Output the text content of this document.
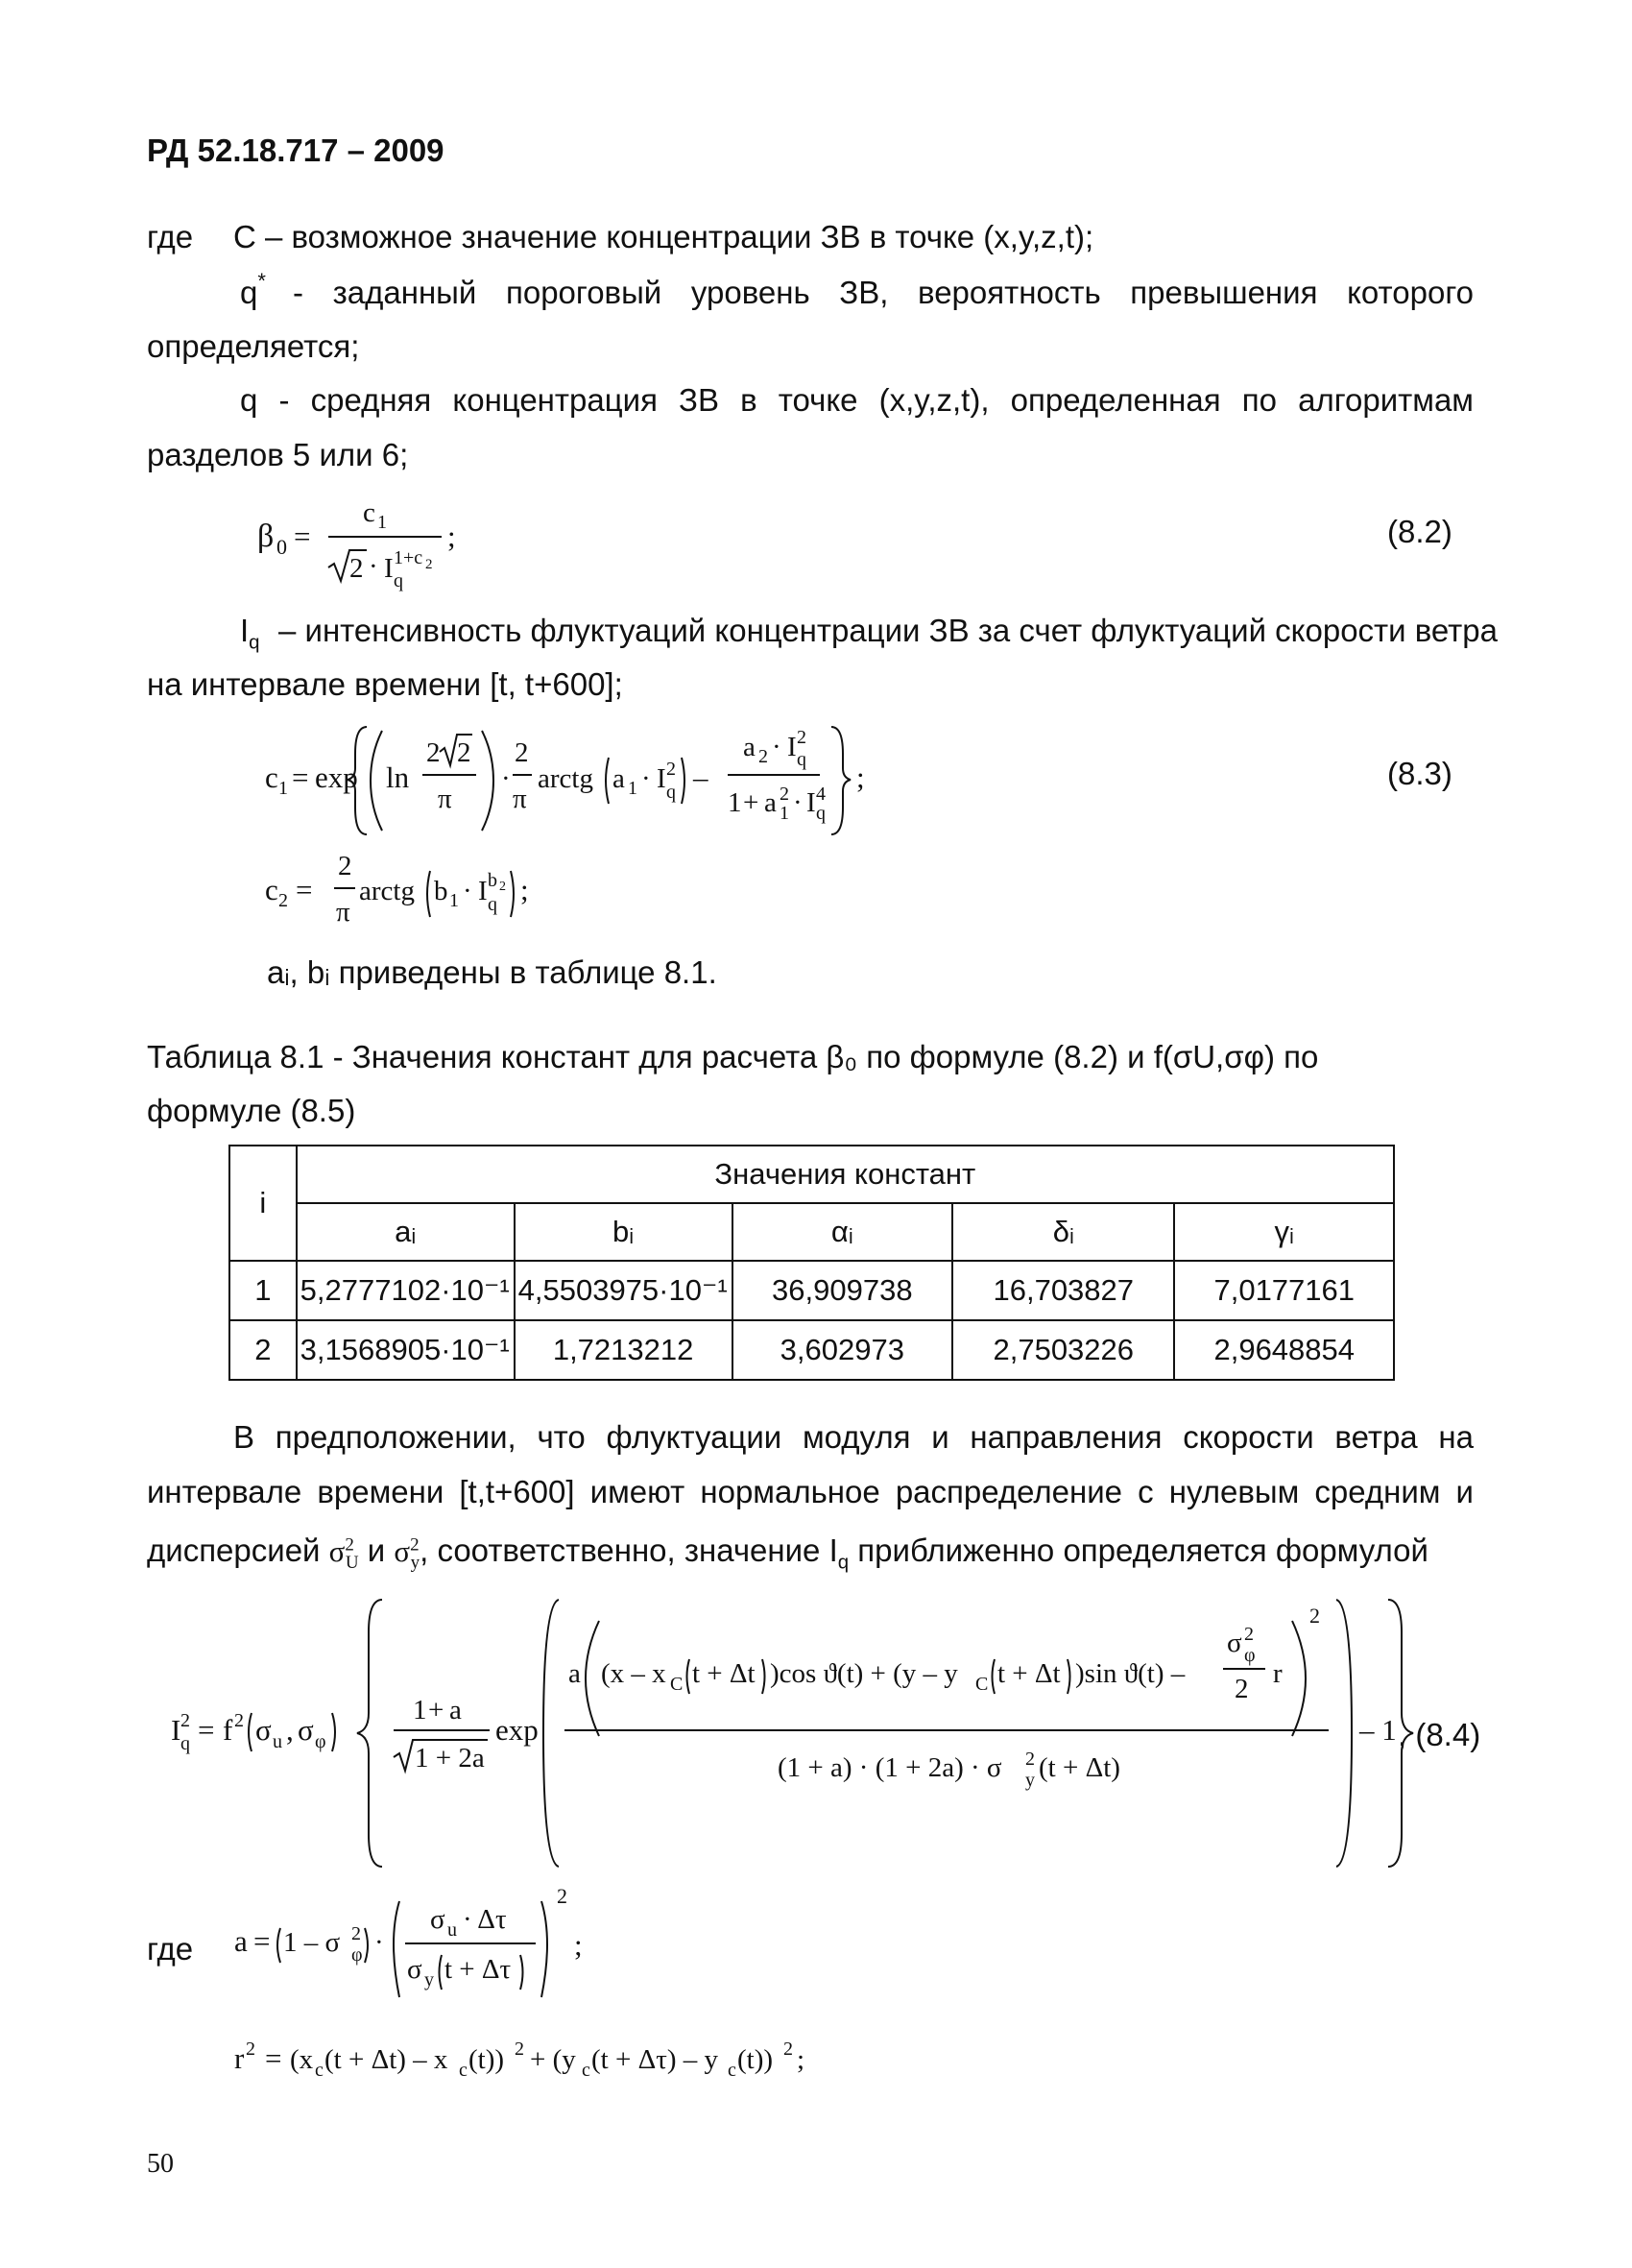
РД 52.18.717 – 2009
где С – возможное значение концентрации ЗВ в точке (x,y,z,t);
q* - заданный пороговый уровень ЗВ, вероятность превышения которого
определяется;
q - средняя концентрация ЗВ в точке (x,y,z,t), определенная по алгоритмам
разделов 5 или 6;
β 0 =
c 1
2 · I 1+c 2
q
;	(8.2)
$I_q$ – интенсивность флуктуаций концентрации ЗВ за счет флуктуаций скорости ветра
на интервале времени [t, t+600];
c 1 = exp ln
2 2
π
·
2
π
arctg a 1 · I 2
q –
a 2 · I 2
q
1 + a 2
1 · I 4
q
;	(8.3)
c 2 =
2
π
arctg b 1 · I b 2
q ;
aᵢ, bᵢ приведены в таблице 8.1.
Таблица 8.1 - Значения констант для расчета β₀ по формуле (8.2) и f(σU,σφ) по
формуле (8.5)
i	Значения констант				
	aᵢ	bᵢ	αᵢ	δᵢ	γᵢ
1	5,2777102·10⁻¹	4,5503975·10⁻¹	36,909738	16,703827	7,0177161
2	3,1568905·10⁻¹	1,7213212	3,602973	2,7503226	2,9648854
В предположении, что флуктуации модуля и направления скорости ветра на
интервале времени [t,t+600] имеют нормальное распределение с нулевым средним и
дисперсией $\sigma^2_U$ и $\sigma^2_y$, соответственно, значение $I_q$ приближенно определяется формулой
I 2
q = f 2 σ u , σ φ
1 + a
1 + 2a
exp
a (x – x C t + Δt )cos ϑ(t) + (y – y C t + Δt )sin ϑ(t) –
σ 2
φ
2 r
2
(1 + a) · (1 + 2a) · σ 2
y (t + Δt)
– 1 , (8.4)
где a = 1 – σ 2
φ ·
σ u · Δτ
σ y t + Δτ
2
;
r 2 = (x c (t + Δt) – x c (t)) 2 + (y c (t + Δτ) – y c (t)) 2 ;
50
